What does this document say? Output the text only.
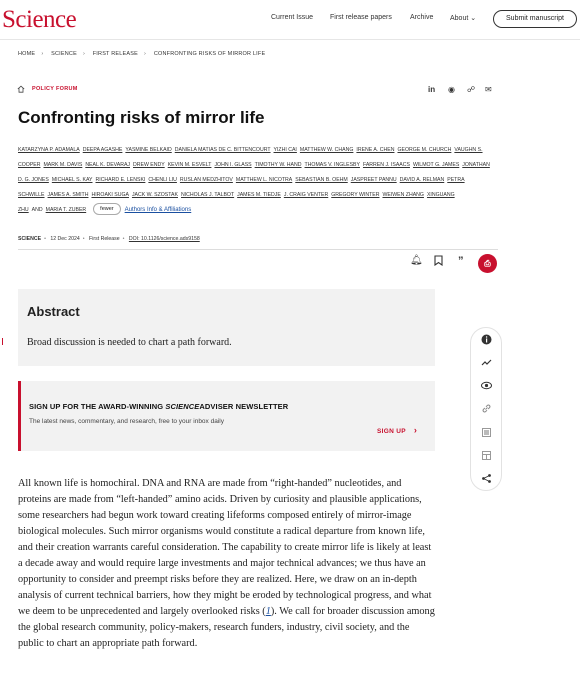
Science	Current Issue First release papers	Archive About ⌄	Submit manuscript
HOME › SCIENCE › FIRST RELEASE › CONFRONTING RISKS OF MIRROR LIFE
POLICY FORUM	in ◉ ☍ ✉
Confronting risks of mirror life
KATARZYNA P. ADAMALA DEEPA AGASHE YASMINE BELKAID DANIELA MATIAS DE C. BITTENCOURT YIZHI CAI MATTHEW W. CHANG IRENE A. CHEN GEORGE M. CHURCH VAUGHN S. COOPER MARK M. DAVIS NEAL K. DEVARAJ DREW ENDY KEVIN M. ESVELT JOHN I. GLASS TIMOTHY W. HAND THOMAS V. INGLESBY FARREN J. ISAACS WILMOT G. JAMES JONATHAN D. G. JONES MICHAEL S. KAY RICHARD E. LENSKI CHENLI LIU RUSLAN MEDZHITOV MATTHEW L. NICOTRA SEBASTIAN B. OEHM JASPREET PANNU DAVID A. RELMAN PETRA SCHWILLE JAMES A. SMITH HIROAKI SUGA JACK W. SZOSTAK NICHOLAS J. TALBOT JAMES M. TIEDJE J. CRAIG VENTER GREGORY WINTER WEIWEN ZHANG XINGUANG ZHU AND MARIA T. ZUBER	fewer Authors Info & Affiliations
SCIENCE • 12 Dec 2024 • First Release • DOI: 10.1126/science.ads9158
🔔︎	”	⎙
Abstract

Broad discussion is needed to chart a path forward.

SIGN UP FOR THE AWARD-WINNING SCIENCEADVISER NEWSLETTER
The latest news, commentary, and research, free to your inbox daily
SIGN UP ›
All known life is homochiral. DNA and RNA are made from “right-handed” nucleotides, and proteins are made from “left-handed” amino acids. Driven by curiosity and plausible applications, some researchers had begun work toward creating lifeforms composed entirely of mirror-image biological molecules. Such mirror organisms would constitute a radical departure from known life, and their creation warrants careful consideration. The capability to create mirror life is likely at least a decade away and would require large investments and major technical advances; we thus have an opportunity to consider and preempt risks before they are realized. Here, we draw on an in-depth analysis of current technical barriers, how they might be eroded by technological progress, and what we deem to be unprecedented and largely overlooked risks (1). We call for broader discussion among the global research community, policy-makers, research funders, industry, civil society, and the public to chart an appropriate path forward.
